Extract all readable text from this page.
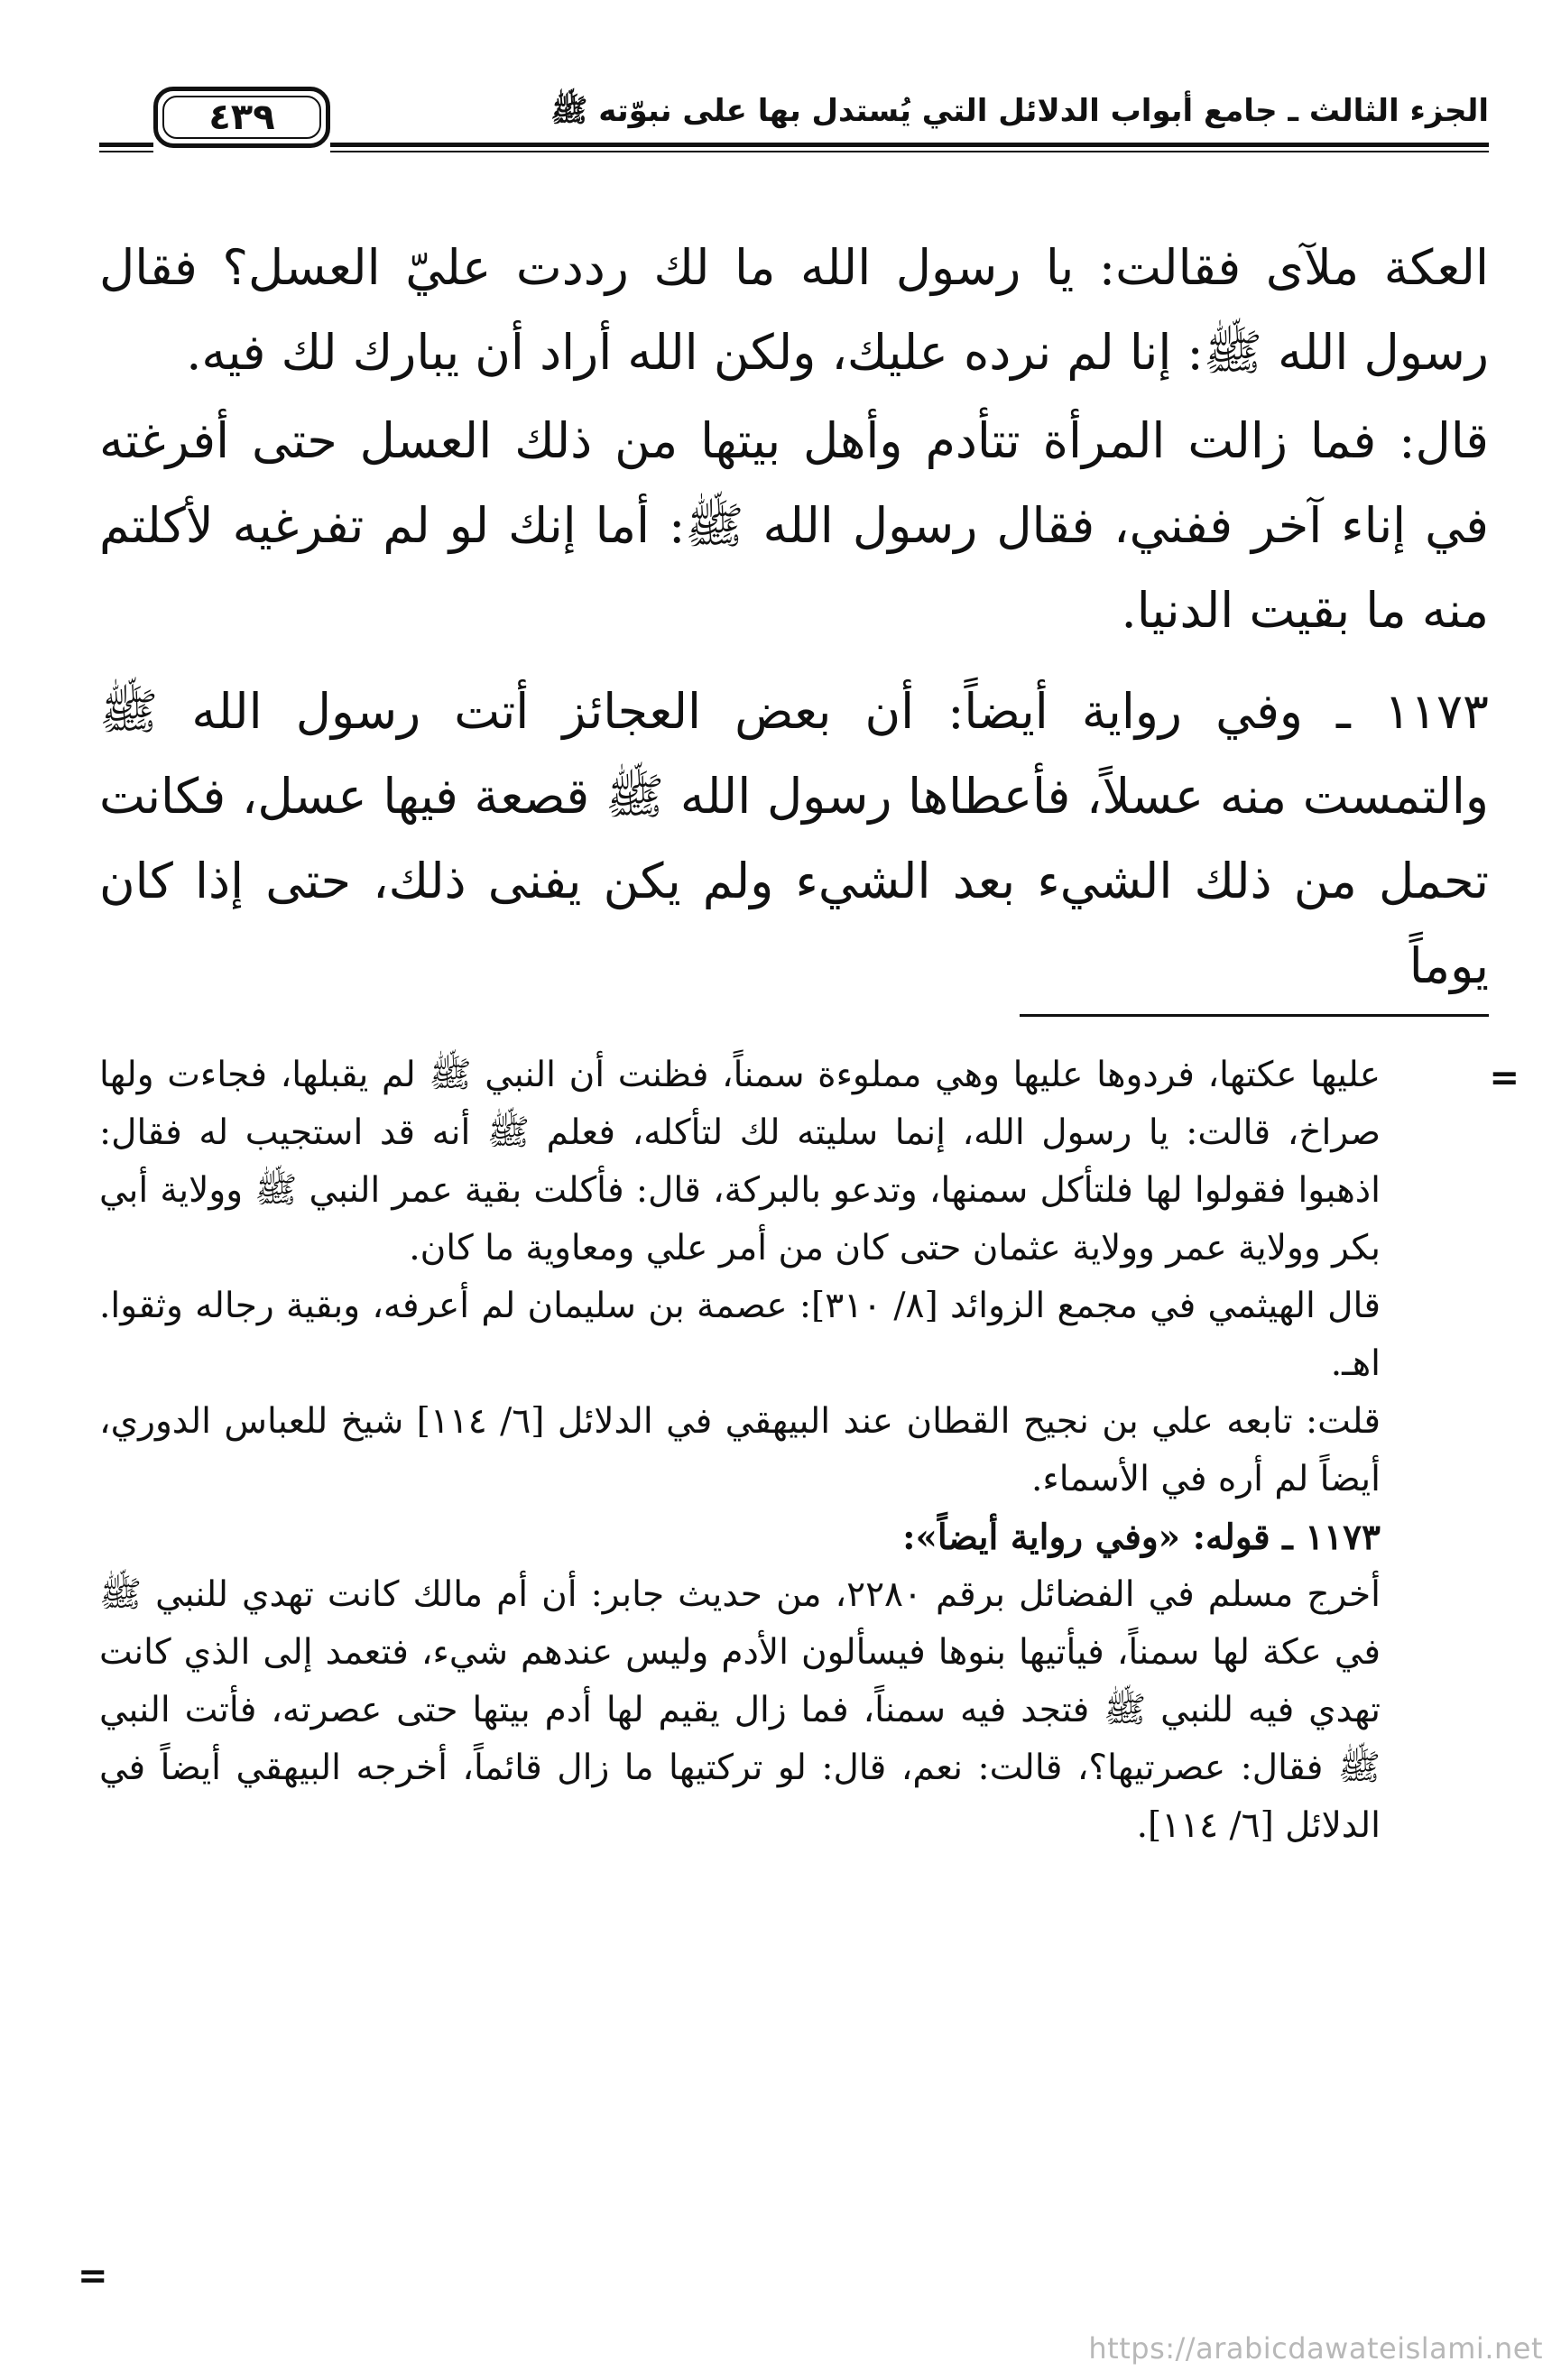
الجزء الثالث ـ جامع أبواب الدلائل التي يُستدل بها على نبوّته ﷺ
٤٣٩

العكة ملآى فقالت: يا رسول الله ما لك رددت عليّ العسل؟ فقال رسول الله ﷺ: إنا لم نرده عليك، ولكن الله أراد أن يبارك لك فيه.

قال: فما زالت المرأة تتأدم وأهل بيتها من ذلك العسل حتى أفرغته في إناء آخر ففني، فقال رسول الله ﷺ: أما إنك لو لم تفرغيه لأكلتم منه ما بقيت الدنيا.

١١٧٣ ـ وفي رواية أيضاً: أن بعض العجائز أتت رسول الله ﷺ والتمست منه عسلاً، فأعطاها رسول الله ﷺ قصعة فيها عسل، فكانت تحمل من ذلك الشيء بعد الشيء ولم يكن يفنى ذلك، حتى إذا كان يوماً

=

عليها عكتها، فردوها عليها وهي مملوءة سمناً، فظنت أن النبي ﷺ لم يقبلها، فجاءت ولها صراخ، قالت: يا رسول الله، إنما سليته لك لتأكله، فعلم ﷺ أنه قد استجيب له فقال: اذهبوا فقولوا لها فلتأكل سمنها، وتدعو بالبركة، قال: فأكلت بقية عمر النبي ﷺ وولاية أبي بكر وولاية عمر وولاية عثمان حتى كان من أمر علي ومعاوية ما كان.

قال الهيثمي في مجمع الزوائد [٨/ ٣١٠]: عصمة بن سليمان لم أعرفه، وبقية رجاله وثقوا. اهـ.

قلت: تابعه علي بن نجيح القطان عند البيهقي في الدلائل [٦/ ١١٤] شيخ للعباس الدوري، أيضاً لم أره في الأسماء.

١١٧٣ ـ قوله: «وفي رواية أيضاً»:

أخرج مسلم في الفضائل برقم ٢٢٨٠، من حديث جابر: أن أم مالك كانت تهدي للنبي ﷺ في عكة لها سمناً، فيأتيها بنوها فيسألون الأدم وليس عندهم شيء، فتعمد إلى الذي كانت تهدي فيه للنبي ﷺ فتجد فيه سمناً، فما زال يقيم لها أدم بيتها حتى عصرته، فأتت النبي ﷺ فقال: عصرتيها؟، قالت: نعم، قال: لو تركتيها ما زال قائماً، أخرجه البيهقي أيضاً في الدلائل [٦/ ١١٤].

=
https://arabicdawateislami.net
